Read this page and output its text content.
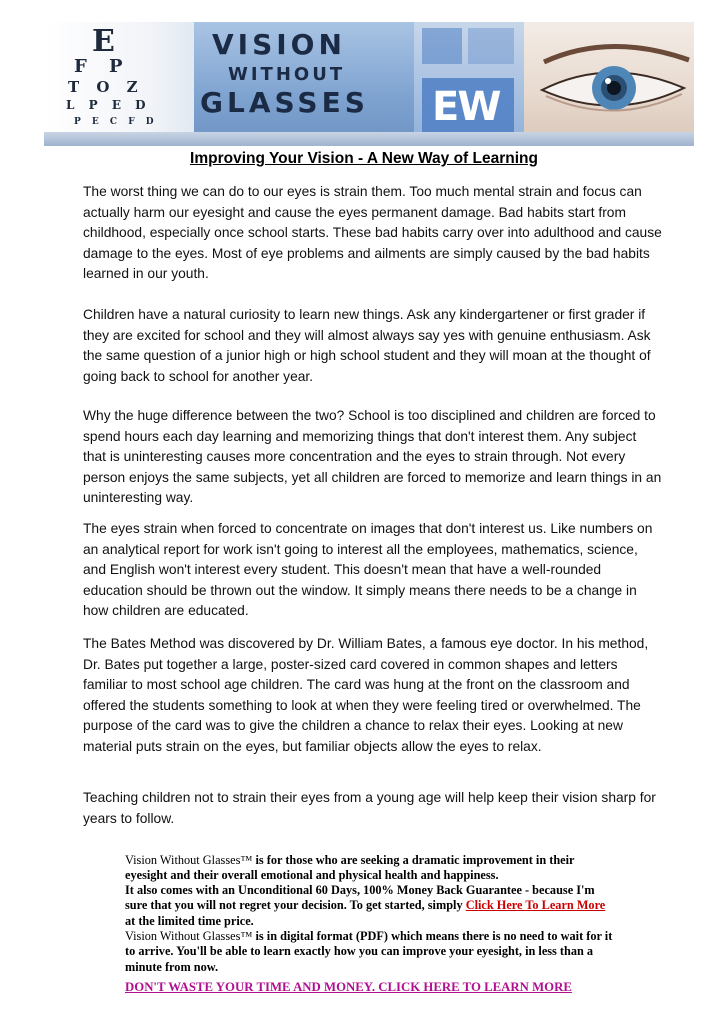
E
F P
T O Z
L P E D
P E C F D
VISION
WITHOUT
GLASSES EW
Improving Your Vision - A New Way of Learning

The worst thing we can do to our eyes is strain them. Too much mental strain and focus can actually harm our eyesight and cause the eyes permanent damage. Bad habits start from childhood, especially once school starts. These bad habits carry over into adulthood and cause damage to the eyes. Most of eye problems and ailments are simply caused by the bad habits learned in our youth.

Children have a natural curiosity to learn new things. Ask any kindergartener or first grader if they are excited for school and they will almost always say yes with genuine enthusiasm. Ask the same question of a junior high or high school student and they will moan at the thought of going back to school for another year.

Why the huge difference between the two? School is too disciplined and children are forced to spend hours each day learning and memorizing things that don't interest them. Any subject that is uninteresting causes more concentration and the eyes to strain through. Not every person enjoys the same subjects, yet all children are forced to memorize and learn things in an uninteresting way.

The eyes strain when forced to concentrate on images that don't interest us. Like numbers on an analytical report for work isn't going to interest all the employees, mathematics, science, and English won't interest every student. This doesn't mean that have a well-rounded education should be thrown out the window. It simply means there needs to be a change in how children are educated.

The Bates Method was discovered by Dr. William Bates, a famous eye doctor. In his method, Dr. Bates put together a large, poster-sized card covered in common shapes and letters familiar to most school age children. The card was hung at the front on the classroom and offered the students something to look at when they were feeling tired or overwhelmed. The purpose of the card was to give the children a chance to relax their eyes. Looking at new material puts strain on the eyes, but familiar objects allow the eyes to relax.

Teaching children not to strain their eyes from a young age will help keep their vision sharp for years to follow.

Vision Without Glasses™ is for those who are seeking a dramatic improvement in their eyesight and their overall emotional and physical health and happiness.

It also comes with an Unconditional 60 Days, 100% Money Back Guarantee - because I'm sure that you will not regret your decision. To get started, simply Click Here To Learn More at the limited time price.

Vision Without Glasses™ is in digital format (PDF) which means there is no need to wait for it to arrive. You'll be able to learn exactly how you can improve your eyesight, in less than a minute from now.

DON'T WASTE YOUR TIME AND MONEY. CLICK HERE TO LEARN MORE
